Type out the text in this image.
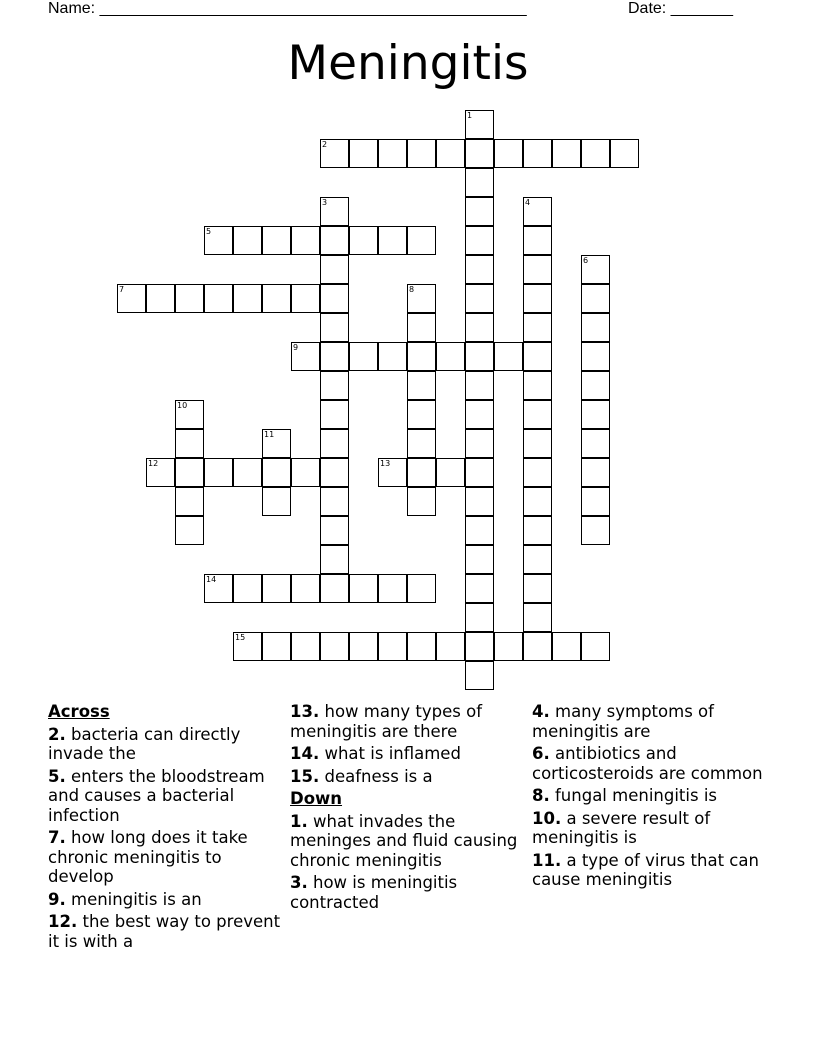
Name: ________________________________________________	Date: _______
Meningitis
2
5
7
9
12	13
14
15
1
3	4
6
8
10
11
Across
2. bacteria can directly invade the
5. enters the bloodstream and causes a bacterial infection
7. how long does it take chronic meningitis to develop
9. meningitis is an
12. the best way to prevent it is with a
13. how many types of meningitis are there
14. what is inflamed
15. deafness is a
Down
1. what invades the meninges and fluid causing chronic meningitis
3. how is meningitis contracted
4. many symptoms of meningitis are
6. antibiotics and corticosteroids are common
8. fungal meningitis is
10. a severe result of meningitis is
11. a type of virus that can cause meningitis
